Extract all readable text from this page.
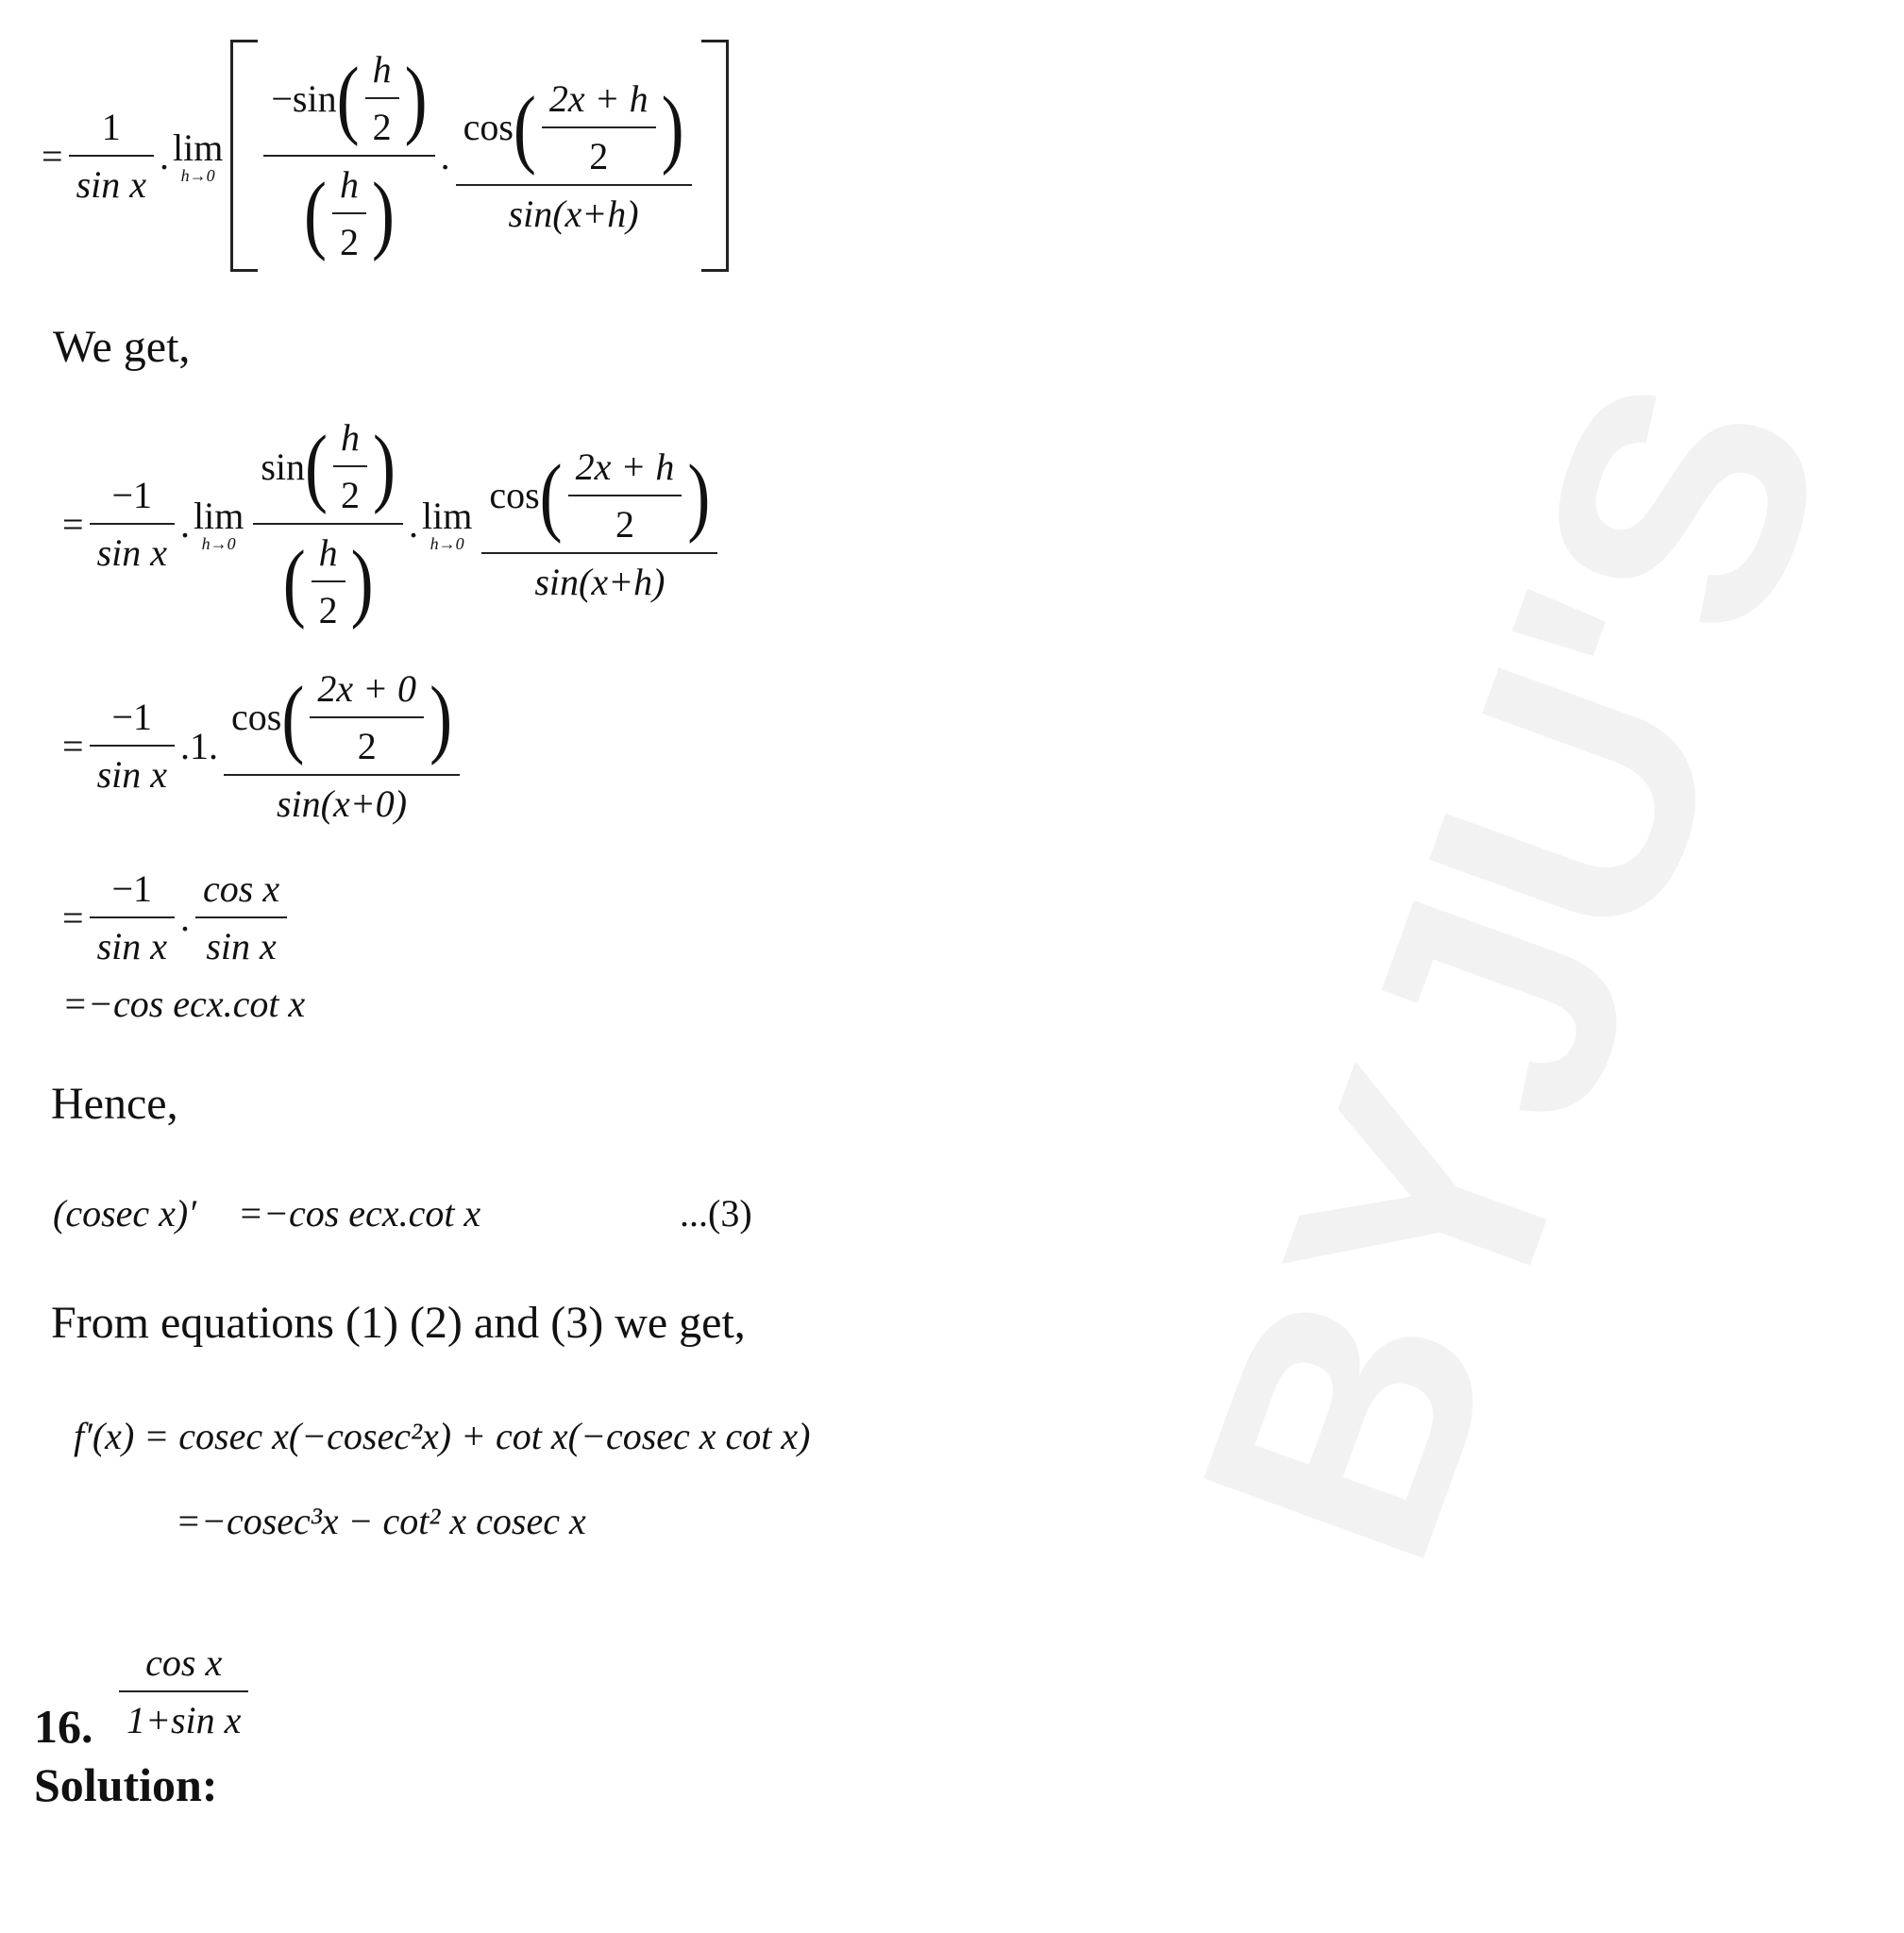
BYJU'S
= $\frac{1}{\text{sin x}}$ . lim
$h\to 0 \frac{-\sin ( \frac{h}{2} )}{( \frac{h}{2} )}$ . $\frac{\cos ( \frac{2x + h}{2} )}{\sin(x+h)}$
We get,
= $\frac{-1}{\text{sin x}}$ . lim
$h\to 0 \frac{\sin ( \frac{h}{2} )}{( \frac{h}{2} )}$ . lim
$h\to 0 \frac{\cos ( \frac{2x + h}{2} )}{\sin(x+h)}$
= $\frac{-1}{\text{sin x}} .1$. $\frac{\cos ( \frac{2x + 0}{2} )}{\sin(x+0)}$
= $\frac{-1}{\text{sin x}}$ . $\frac{\text{cos x}}{\text{sin x}}$
=−cos ecx.cot x
Hence,
(cosec x)′ =−cos ecx.cot x	...(3)
From equations (1) (2) and (3) we get,
f′(x) = cosec x(−cosec²x) + cot x(−cosec x cot x)
=−cosec³x − cot² x cosec x
16. $\frac{\text{cos x}}{\text{1+sin x}}$
Solution:
